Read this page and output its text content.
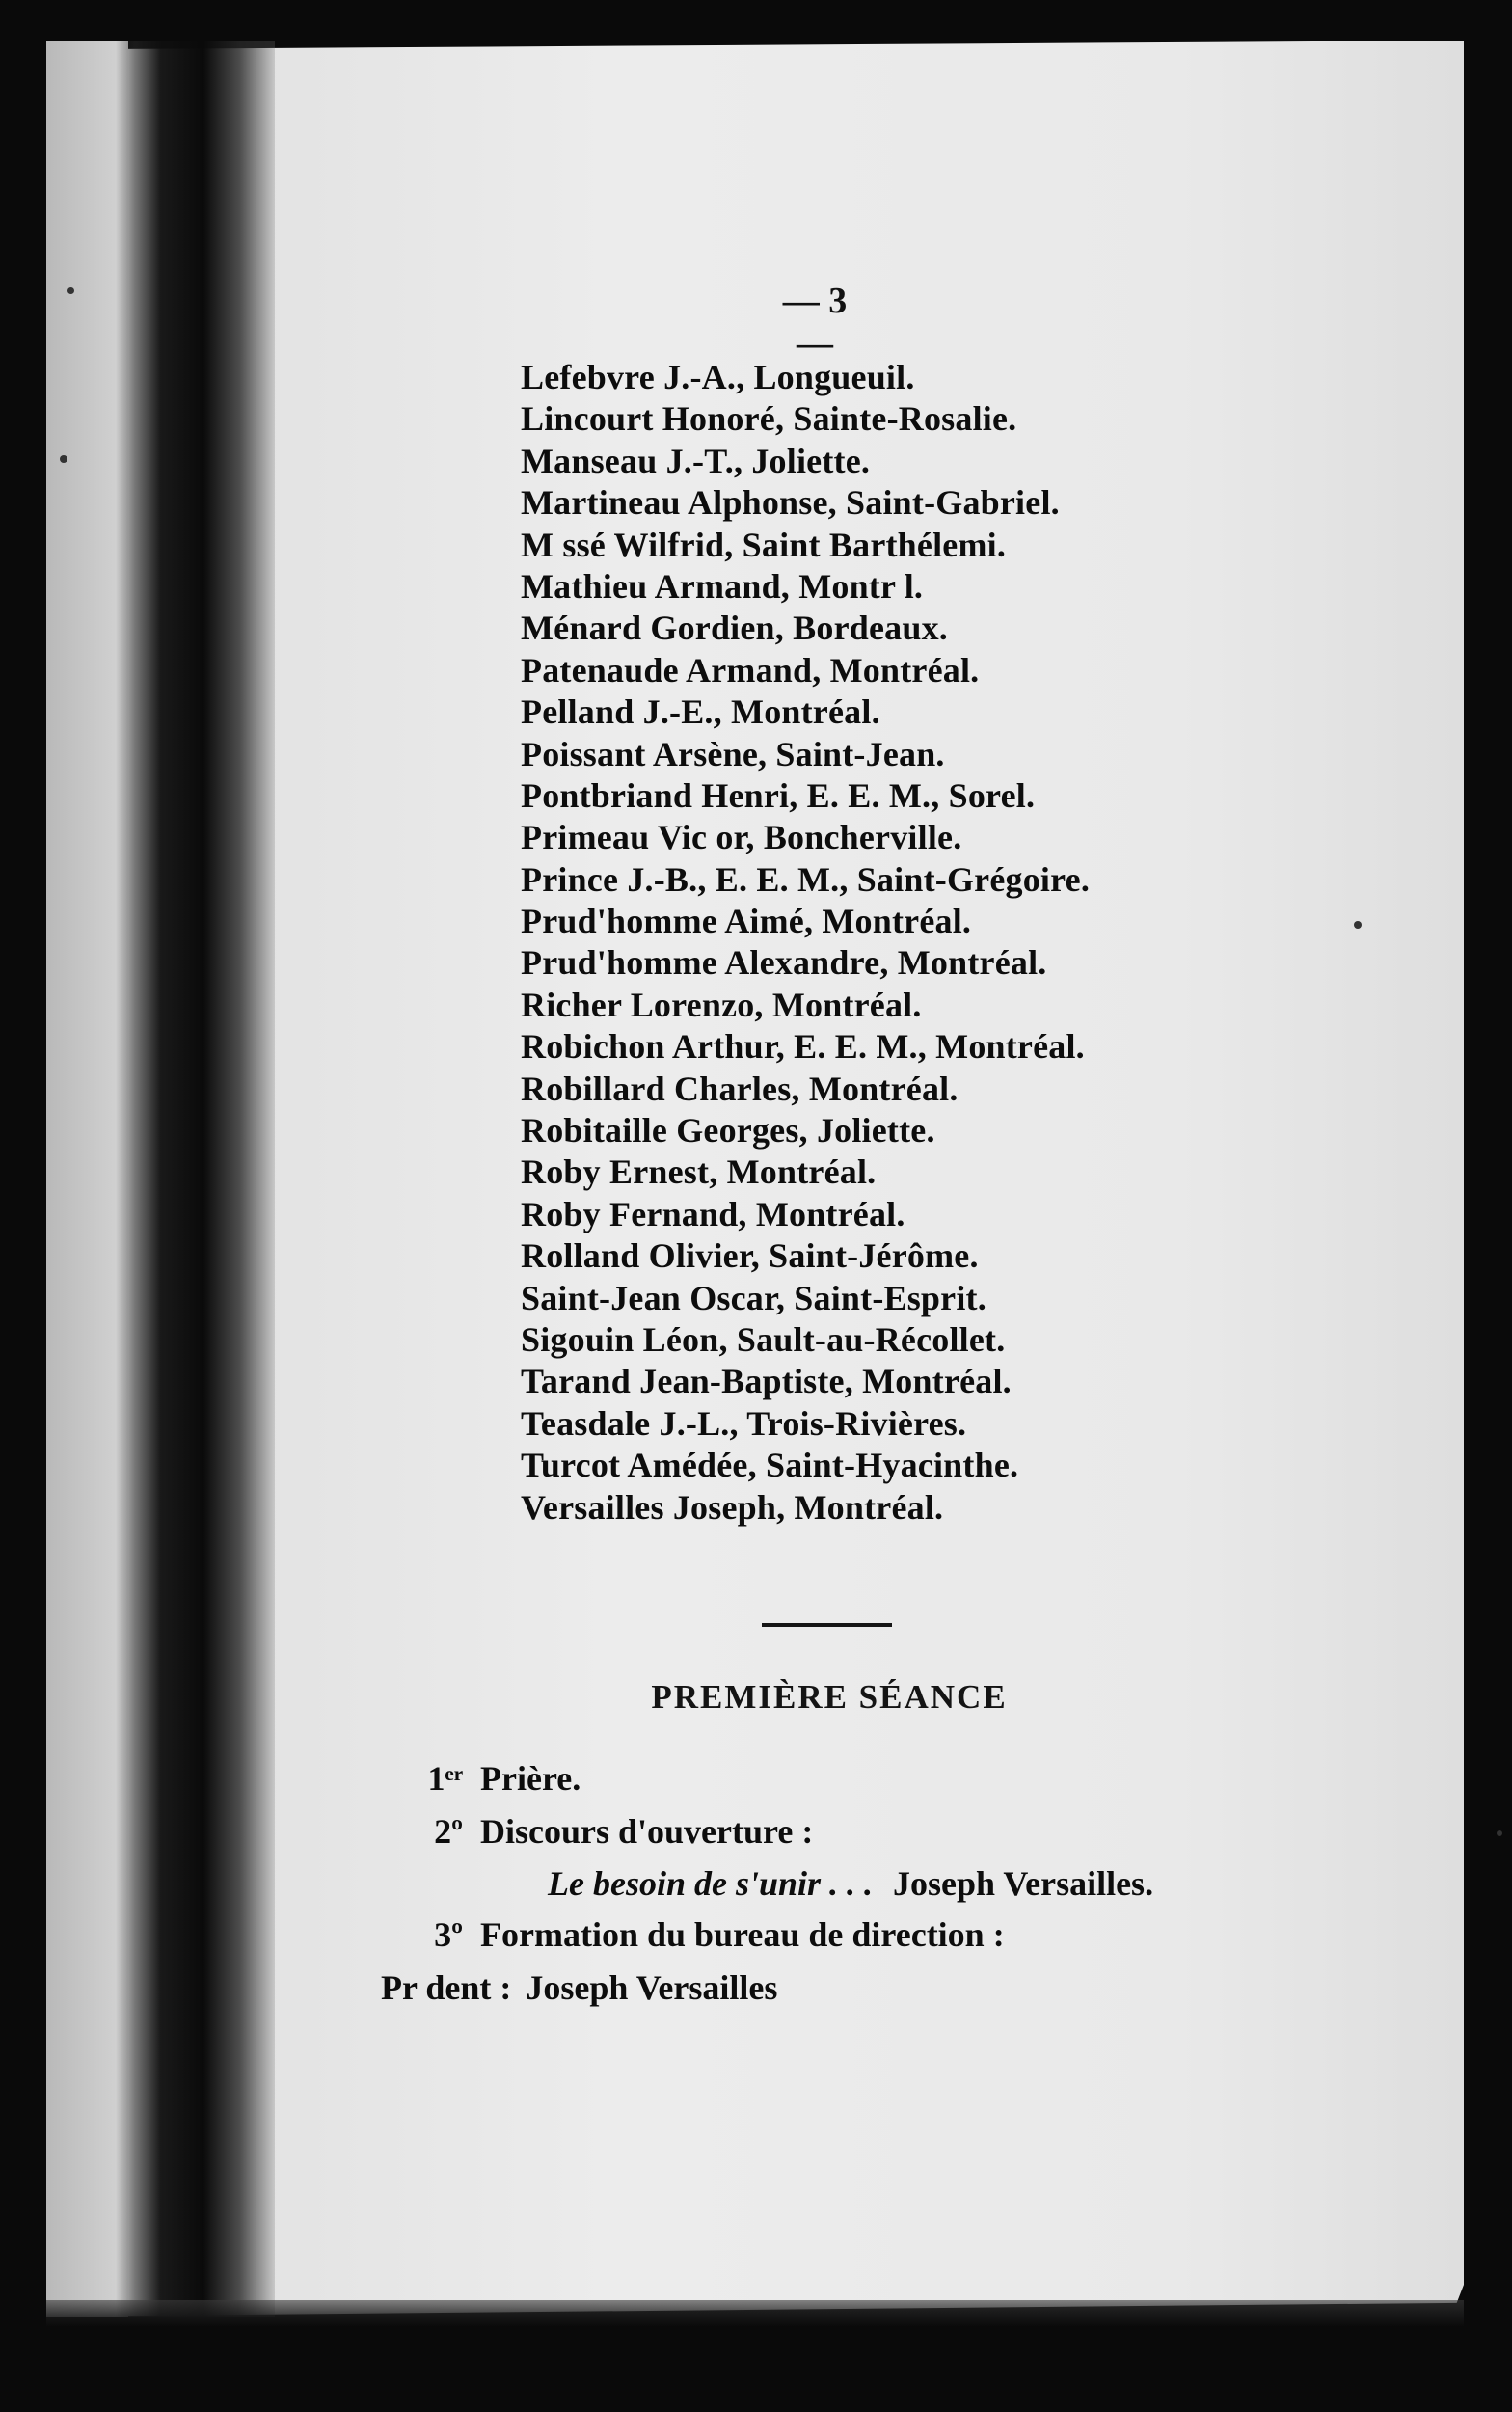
— 3 —
Lefebvre J.-A., Longueuil.
Lincourt Honoré, Sainte-Rosalie.
Manseau J.-T., Joliette.
Martineau Alphonse, Saint-Gabriel.
M ssé Wilfrid, Saint Barthélemi.
Mathieu Armand, Montr l.
Ménard Gordien, Bordeaux.
Patenaude Armand, Montréal.
Pelland J.-E., Montréal.
Poissant Arsène, Saint-Jean.
Pontbriand Henri, E. E. M., Sorel.
Primeau Vic or, Boncherville.
Prince J.-B., E. E. M., Saint-Grégoire.
Prud'homme Aimé, Montréal.
Prud'homme Alexandre, Montréal.
Richer Lorenzo, Montréal.
Robichon Arthur, E. E. M., Montréal.
Robillard Charles, Montréal.
Robitaille Georges, Joliette.
Roby Ernest, Montréal.
Roby Fernand, Montréal.
Rolland Olivier, Saint-Jérôme.
Saint-Jean Oscar, Saint-Esprit.
Sigouin Léon, Sault-au-Récollet.
Tarand Jean-Baptiste, Montréal.
Teasdale J.-L., Trois-Rivières.
Turcot Amédée, Saint-Hyacinthe.
Versailles Joseph, Montréal.
PREMIÈRE SÉANCE
1ᵉʳ Prière.
2º Discours d'ouverture :
Le besoin de s'unir . . . Joseph Versailles.
3º Formation du bureau de direction :
Pr dent : Joseph Versailles
